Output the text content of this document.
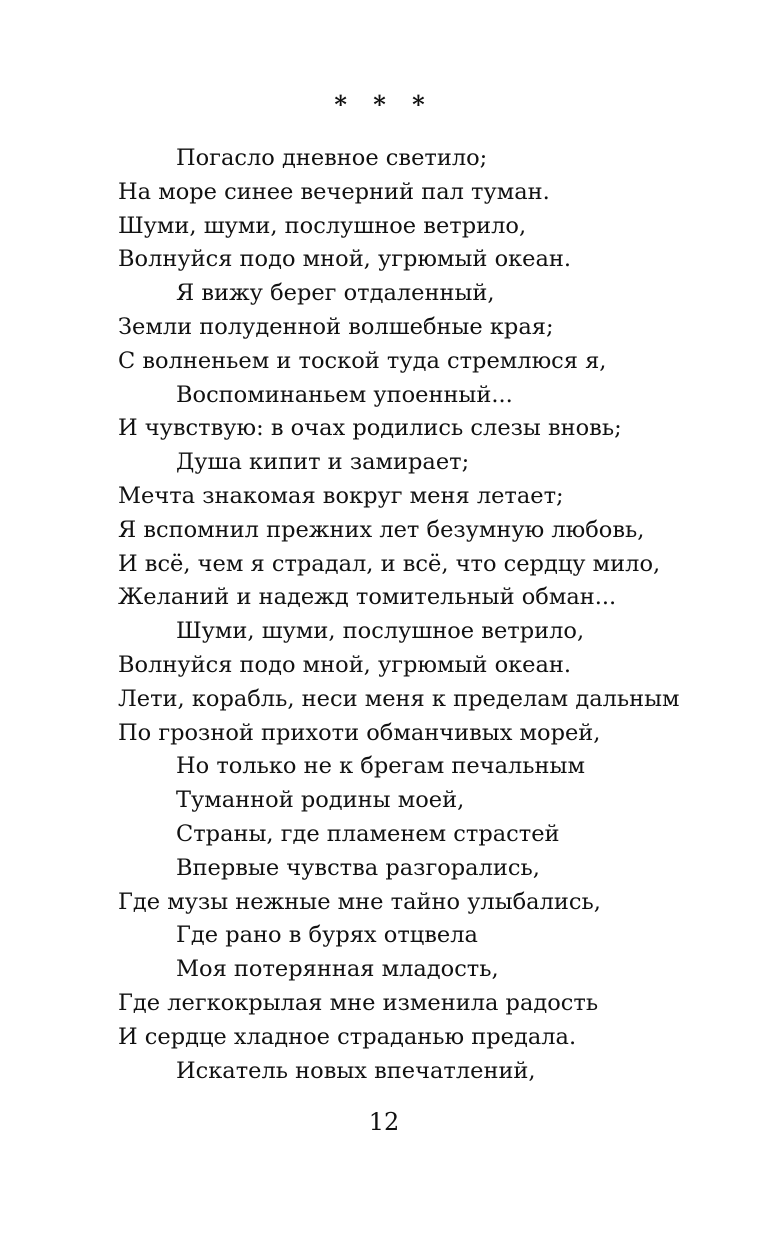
* * *
Погасло дневное светило;
На море синее вечерний пал туман.
Шуми, шуми, послушное ветрило,
Волнуйся подо мной, угрюмый океан.
Я вижу берег отдаленный,
Земли полуденной волшебные края;
С волненьем и тоской туда стремлюся я,
Воспоминаньем упоенный...
И чувствую: в очах родились слезы вновь;
Душа кипит и замирает;
Мечта знакомая вокруг меня летает;
Я вспомнил прежних лет безумную любовь,
И всё, чем я страдал, и всё, что сердцу мило,
Желаний и надежд томительный обман...
Шуми, шуми, послушное ветрило,
Волнуйся подо мной, угрюмый океан.
Лети, корабль, неси меня к пределам дальным
По грозной прихоти обманчивых морей,
Но только не к брегам печальным
Туманной родины моей,
Страны, где пламенем страстей
Впервые чувства разгорались,
Где музы нежные мне тайно улыбались,
Где рано в бурях отцвела
Моя потерянная младость,
Где легкокрылая мне изменила радость
И сердце хладное страданью предала.
Искатель новых впечатлений,
12
